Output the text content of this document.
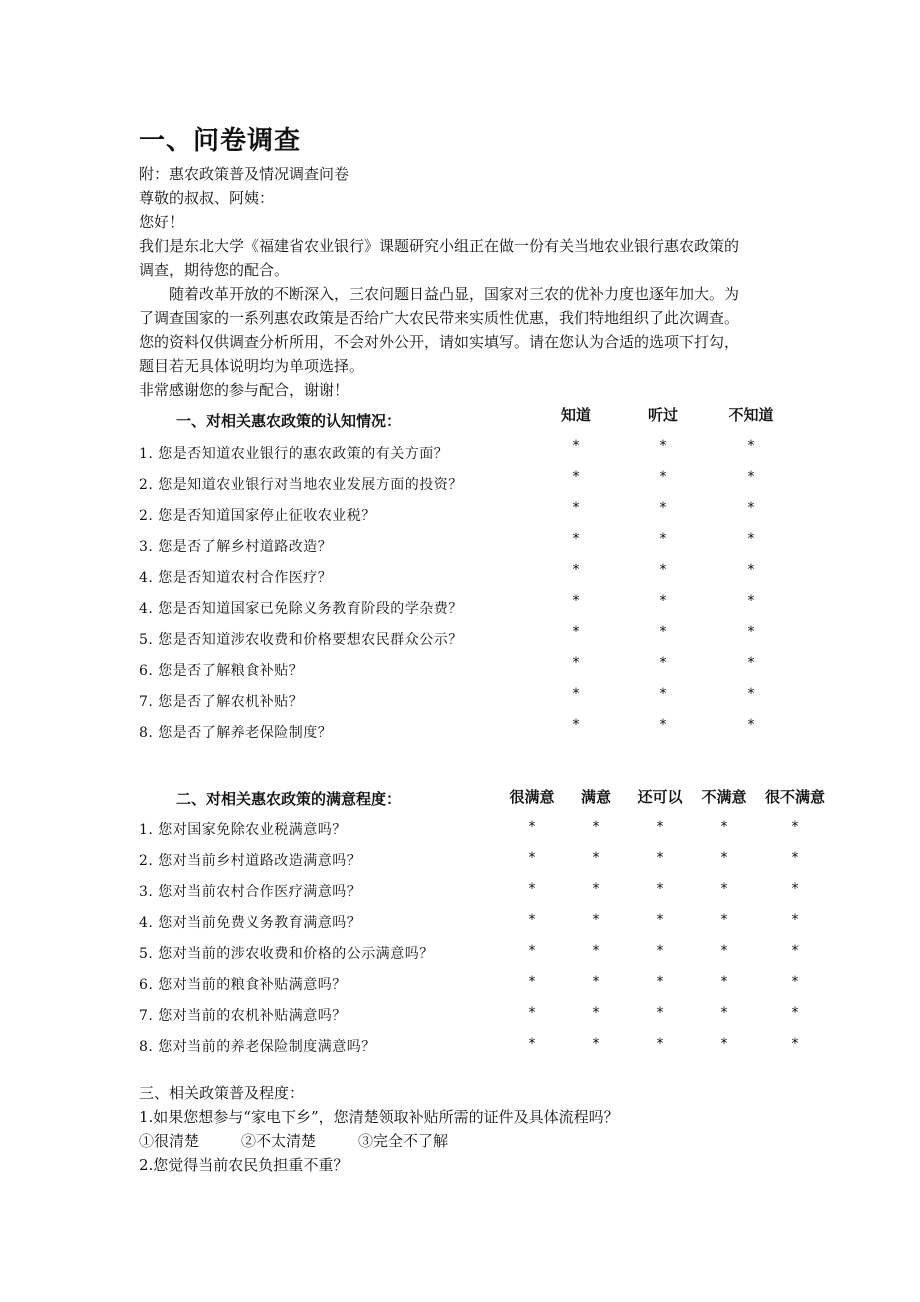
一、问卷调查
附：惠农政策普及情况调查问卷
尊敬的叔叔、阿姨：
您好！
我们是东北大学《福建省农业银行》课题研究小组正在做一份有关当地农业银行惠农政策的
调查，期待您的配合。
随着改革开放的不断深入，三农问题日益凸显，国家对三农的优补力度也逐年加大。为
了调查国家的一系列惠农政策是否给广大农民带来实质性优惠，我们特地组织了此次调查。
您的资料仅供调查分析所用，不会对外公开，请如实填写。请在您认为合适的选项下打勾，
题目若无具体说明均为单项选择。
非常感谢您的参与配合，谢谢！
一、对相关惠农政策的认知情况：	知道	听过	不知道
1. 您是否知道农业银行的惠农政策的有关方面？	*	*	*
2. 您是知道农业银行对当地农业发展方面的投资？	*	*	*
2. 您是否知道国家停止征收农业税？	*	*	*
3. 您是否了解乡村道路改造？	*	*	*
4. 您是否知道农村合作医疗？	*	*	*
4. 您是否知道国家已免除义务教育阶段的学杂费？	*	*	*
5. 您是否知道涉农收费和价格要想农民群众公示？	*	*	*
6. 您是否了解粮食补贴？	*	*	*
7. 您是否了解农机补贴？	*	*	*
8. 您是否了解养老保险制度？	*	*	*
二、对相关惠农政策的满意程度：	很满意 满意 还可以 不满意 很不满意
1. 您对国家免除农业税满意吗？	*	*	*	*	*
2. 您对当前乡村道路改造满意吗？	*	*	*	*	*
3. 您对当前农村合作医疗满意吗？	*	*	*	*	*
4. 您对当前免费义务教育满意吗？	*	*	*	*	*
5. 您对当前的涉农收费和价格的公示满意吗？	*	*	*	*	*
6. 您对当前的粮食补贴满意吗？	*	*	*	*	*
7. 您对当前的农机补贴满意吗？	*	*	*	*	*
8. 您对当前的养老保险制度满意吗？	*	*	*	*	*
三、相关政策普及程度：
1.如果您想参与“家电下乡”，您清楚领取补贴所需的证件及具体流程吗？
①很清楚	②不太清楚	③完全不了解
2.您觉得当前农民负担重不重？
